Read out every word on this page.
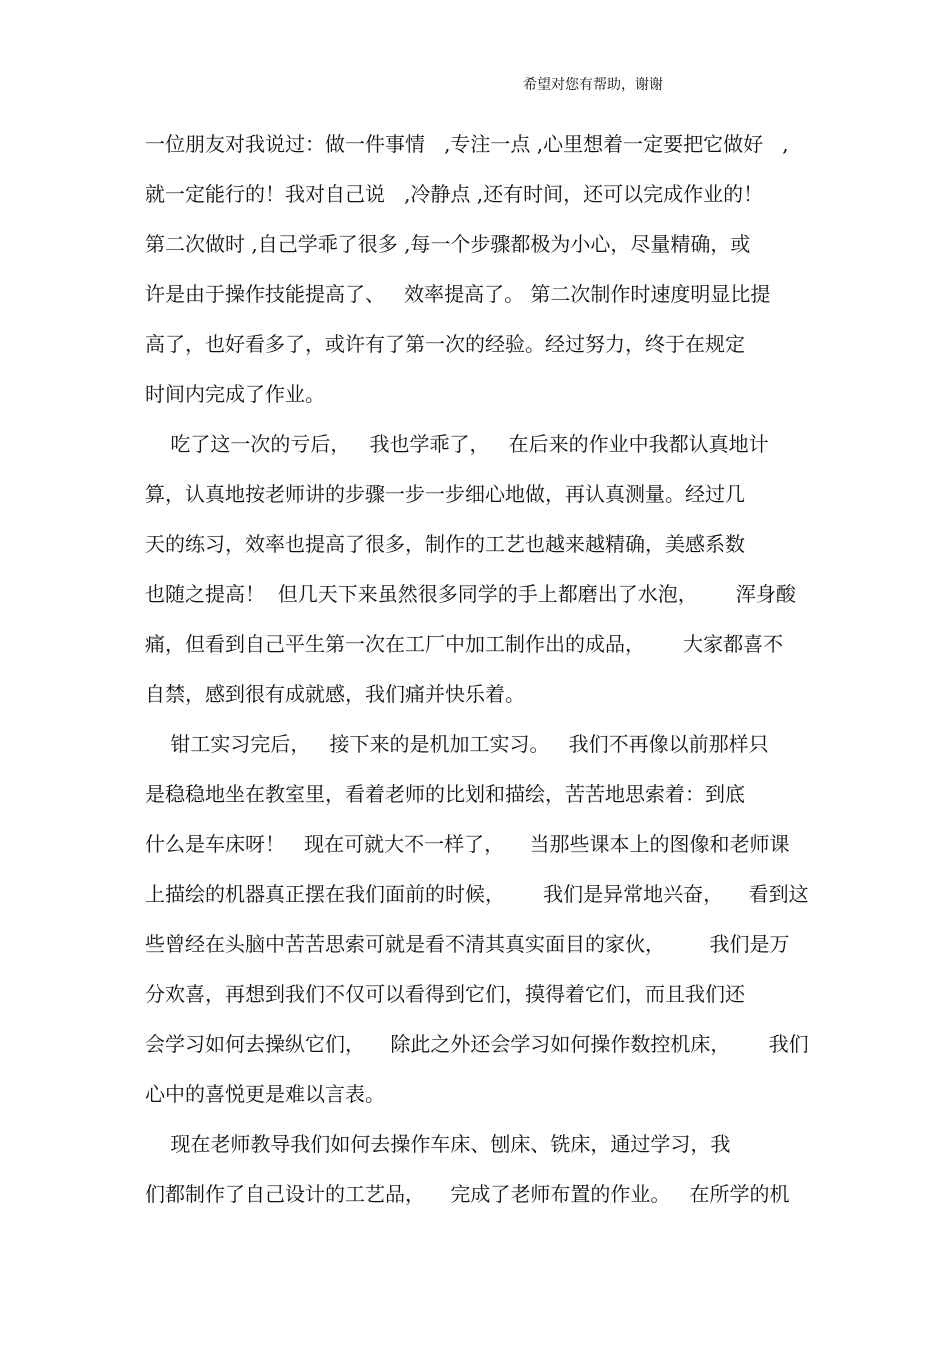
希望对您有帮助，谢谢
一位朋友对我说过：做一件事情   ,专注一点 ,心里想着一定要把它做好   ,
就一定能行的！我对自己说   ,冷静点 ,还有时间，还可以完成作业的！
第二次做时 ,自己学乖了很多 ,每一个步骤都极为小心，尽量精确，或
许是由于操作技能提高了、   效率提高了。 第二次制作时速度明显比提
高了，也好看多了，或许有了第一次的经验。经过努力，终于在规定
时间内完成了作业。
吃了这一次的亏后，   我也学乖了，   在后来的作业中我都认真地计
算，认真地按老师讲的步骤一步一步细心地做，再认真测量。经过几
天的练习，效率也提高了很多，制作的工艺也越来越精确，美感系数
也随之提高！  但几天下来虽然很多同学的手上都磨出了水泡，      浑身酸
痛，但看到自己平生第一次在工厂中加工制作出的成品，      大家都喜不
自禁，感到很有成就感，我们痛并快乐着。
钳工实习完后，   接下来的是机加工实习。   我们不再像以前那样只
是稳稳地坐在教室里，看着老师的比划和描绘，苦苦地思索着：到底
什么是车床呀！   现在可就大不一样了，    当那些课本上的图像和老师课
上描绘的机器真正摆在我们面前的时候，      我们是异常地兴奋，    看到这
些曾经在头脑中苦苦思索可就是看不清其真实面目的家伙，       我们是万
分欢喜，再想到我们不仅可以看得到它们，摸得着它们，而且我们还
会学习如何去操纵它们，    除此之外还会学习如何操作数控机床，      我们
心中的喜悦更是难以言表。
现在老师教导我们如何去操作车床、刨床、铣床，通过学习，我
们都制作了自己设计的工艺品，    完成了老师布置的作业。   在所学的机
